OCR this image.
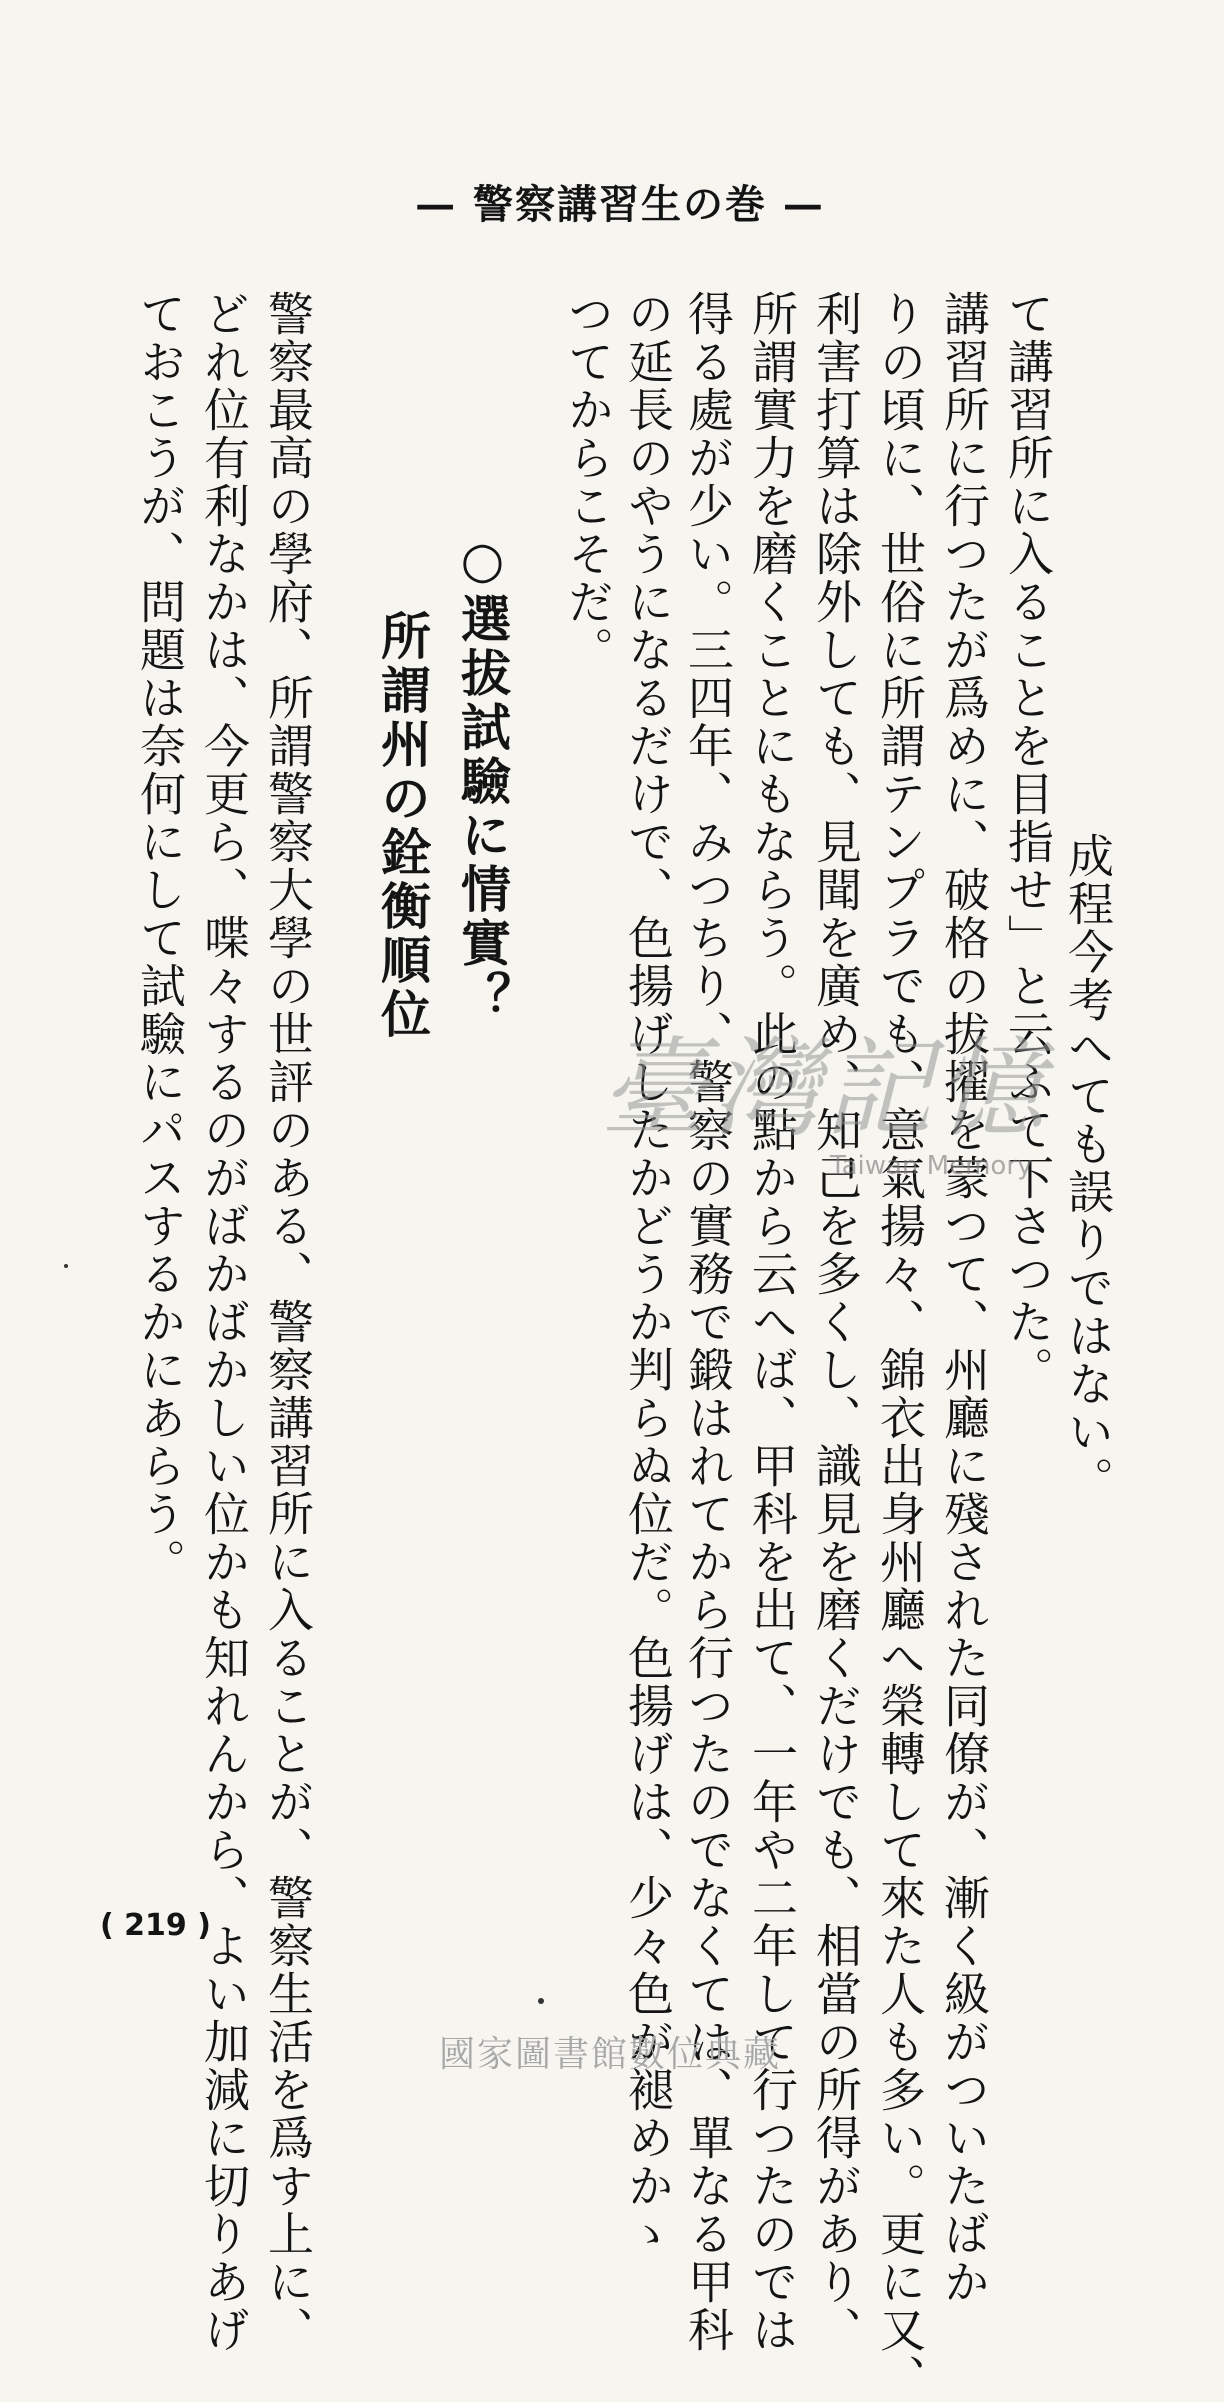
— 警察講習生の巻 —
成程今考へても誤りではない。
て講習所に入ることを目指せ」と云ふて下さつた。
講習所に行つたが爲めに、破格の拔擢を蒙つて、州廳に殘された同僚が、漸く級がついたばか
りの頃に、世俗に所謂テンプラでも、意氣揚々、錦衣出身州廳へ榮轉して來た人も多い。更に又、
利害打算は除外しても、見聞を廣め、知己を多くし、識見を磨くだけでも、相當の所得があり、
所謂實力を磨くことにもならう。此の點から云へば、甲科を出て、一年や二年して行つたのでは
得る處が少い。三四年、みつちり、警察の實務で鍛はれてから行つたのでなくては、單なる甲科
の延長のやうになるだけで、色揚げしたかどうか判らぬ位だ。色揚げは、少々色が褪めかゝ
つてからこそだ。
○選拔試驗に情實？
所謂州の銓衡順位
警察最高の學府、所謂警察大學の世評のある、警察講習所に入ることが、警察生活を爲す上に、
どれ位有利なかは、今更ら、喋々するのがばかばかしい位かも知れんから、よい加減に切りあげ
ておこうが、問題は奈何にして試驗にパスするかにあらう。
( 219 )
臺灣記憶
Taiwan Memory
國家圖書館數位典藏
